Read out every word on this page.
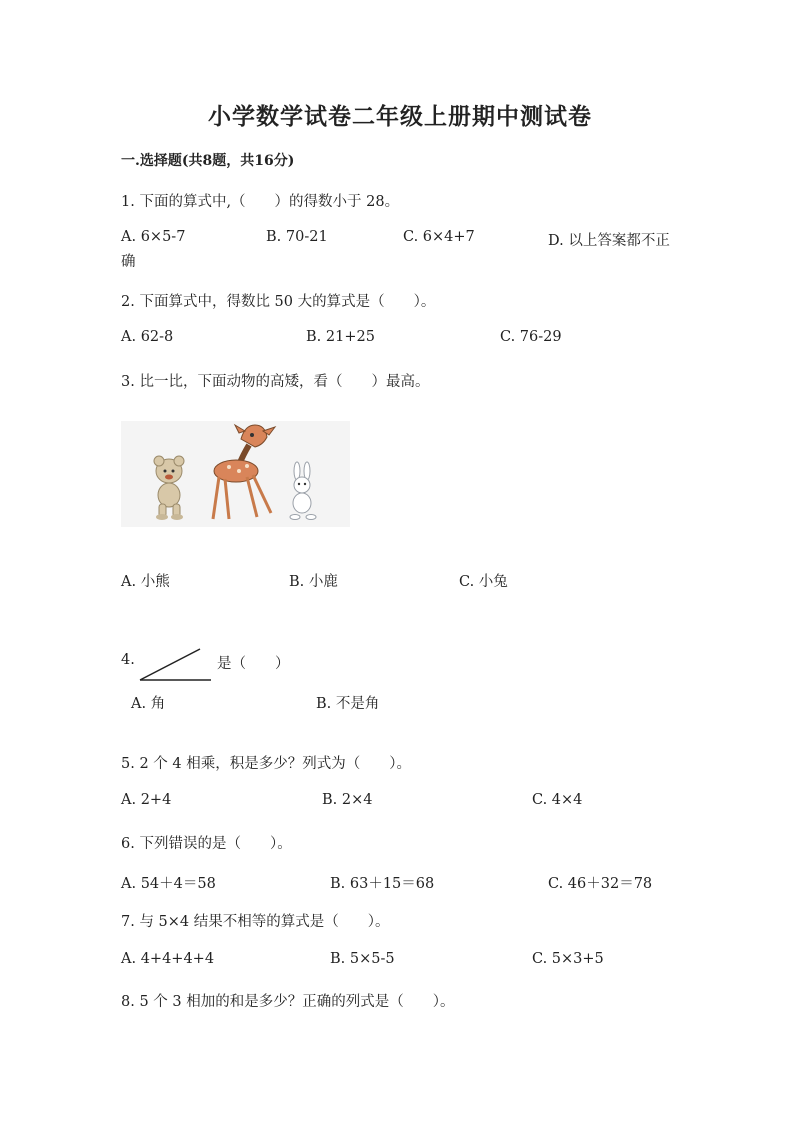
小学数学试卷二年级上册期中测试卷
一.选择题(共8题，共16分)
1. 下面的算式中,（　　）的得数小于 28。
A. 6×5-7	B. 70-21	C. 6×4+7	D. 以上答案都不正
确
2. 下面算式中，得数比 50 大的算式是（　　）。
A. 62-8	B. 21+25	C. 76-29
3. 比一比，下面动物的高矮，看（　　）最高。
A. 小熊	B. 小鹿	C. 小兔
4.	是（　　）
A. 角	B. 不是角
5. 2 个 4 相乘，积是多少？列式为（　　）。
A. 2+4	B. 2×4	C. 4×4
6. 下列错误的是（　　）。
A. 54＋4＝58	B. 63＋15＝68	C. 46＋32＝78
7. 与 5×4 结果不相等的算式是（　　）。
A. 4+4+4+4	B. 5×5-5	C. 5×3+5
8. 5 个 3 相加的和是多少？正确的列式是（　　）。
